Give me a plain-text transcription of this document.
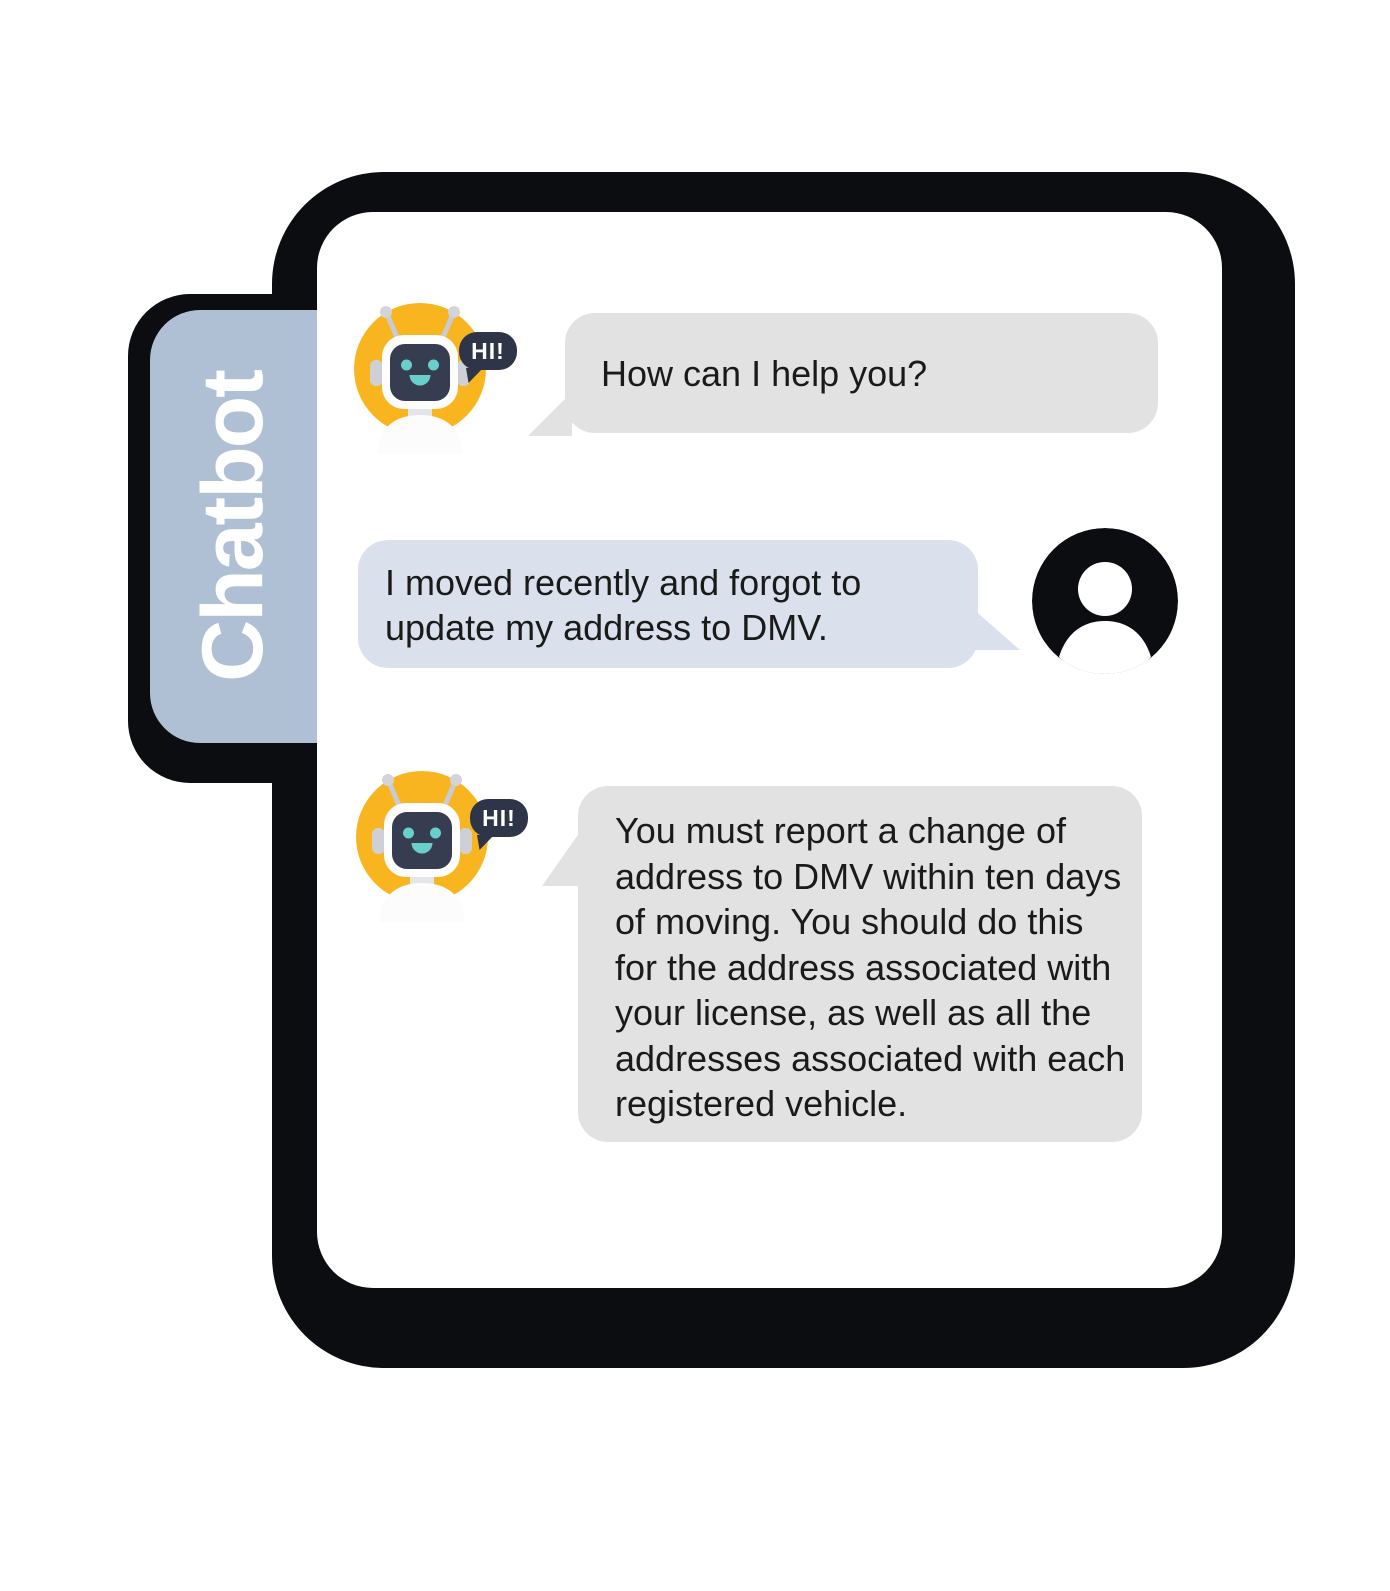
Chatbot
HI!
How can I help you?
I moved recently and forgot to update my address to DMV.
HI!	You must report a change of address to DMV within ten days of moving. You should do this for the address associated with your license, as well as all the addresses associated with each registered vehicle.
